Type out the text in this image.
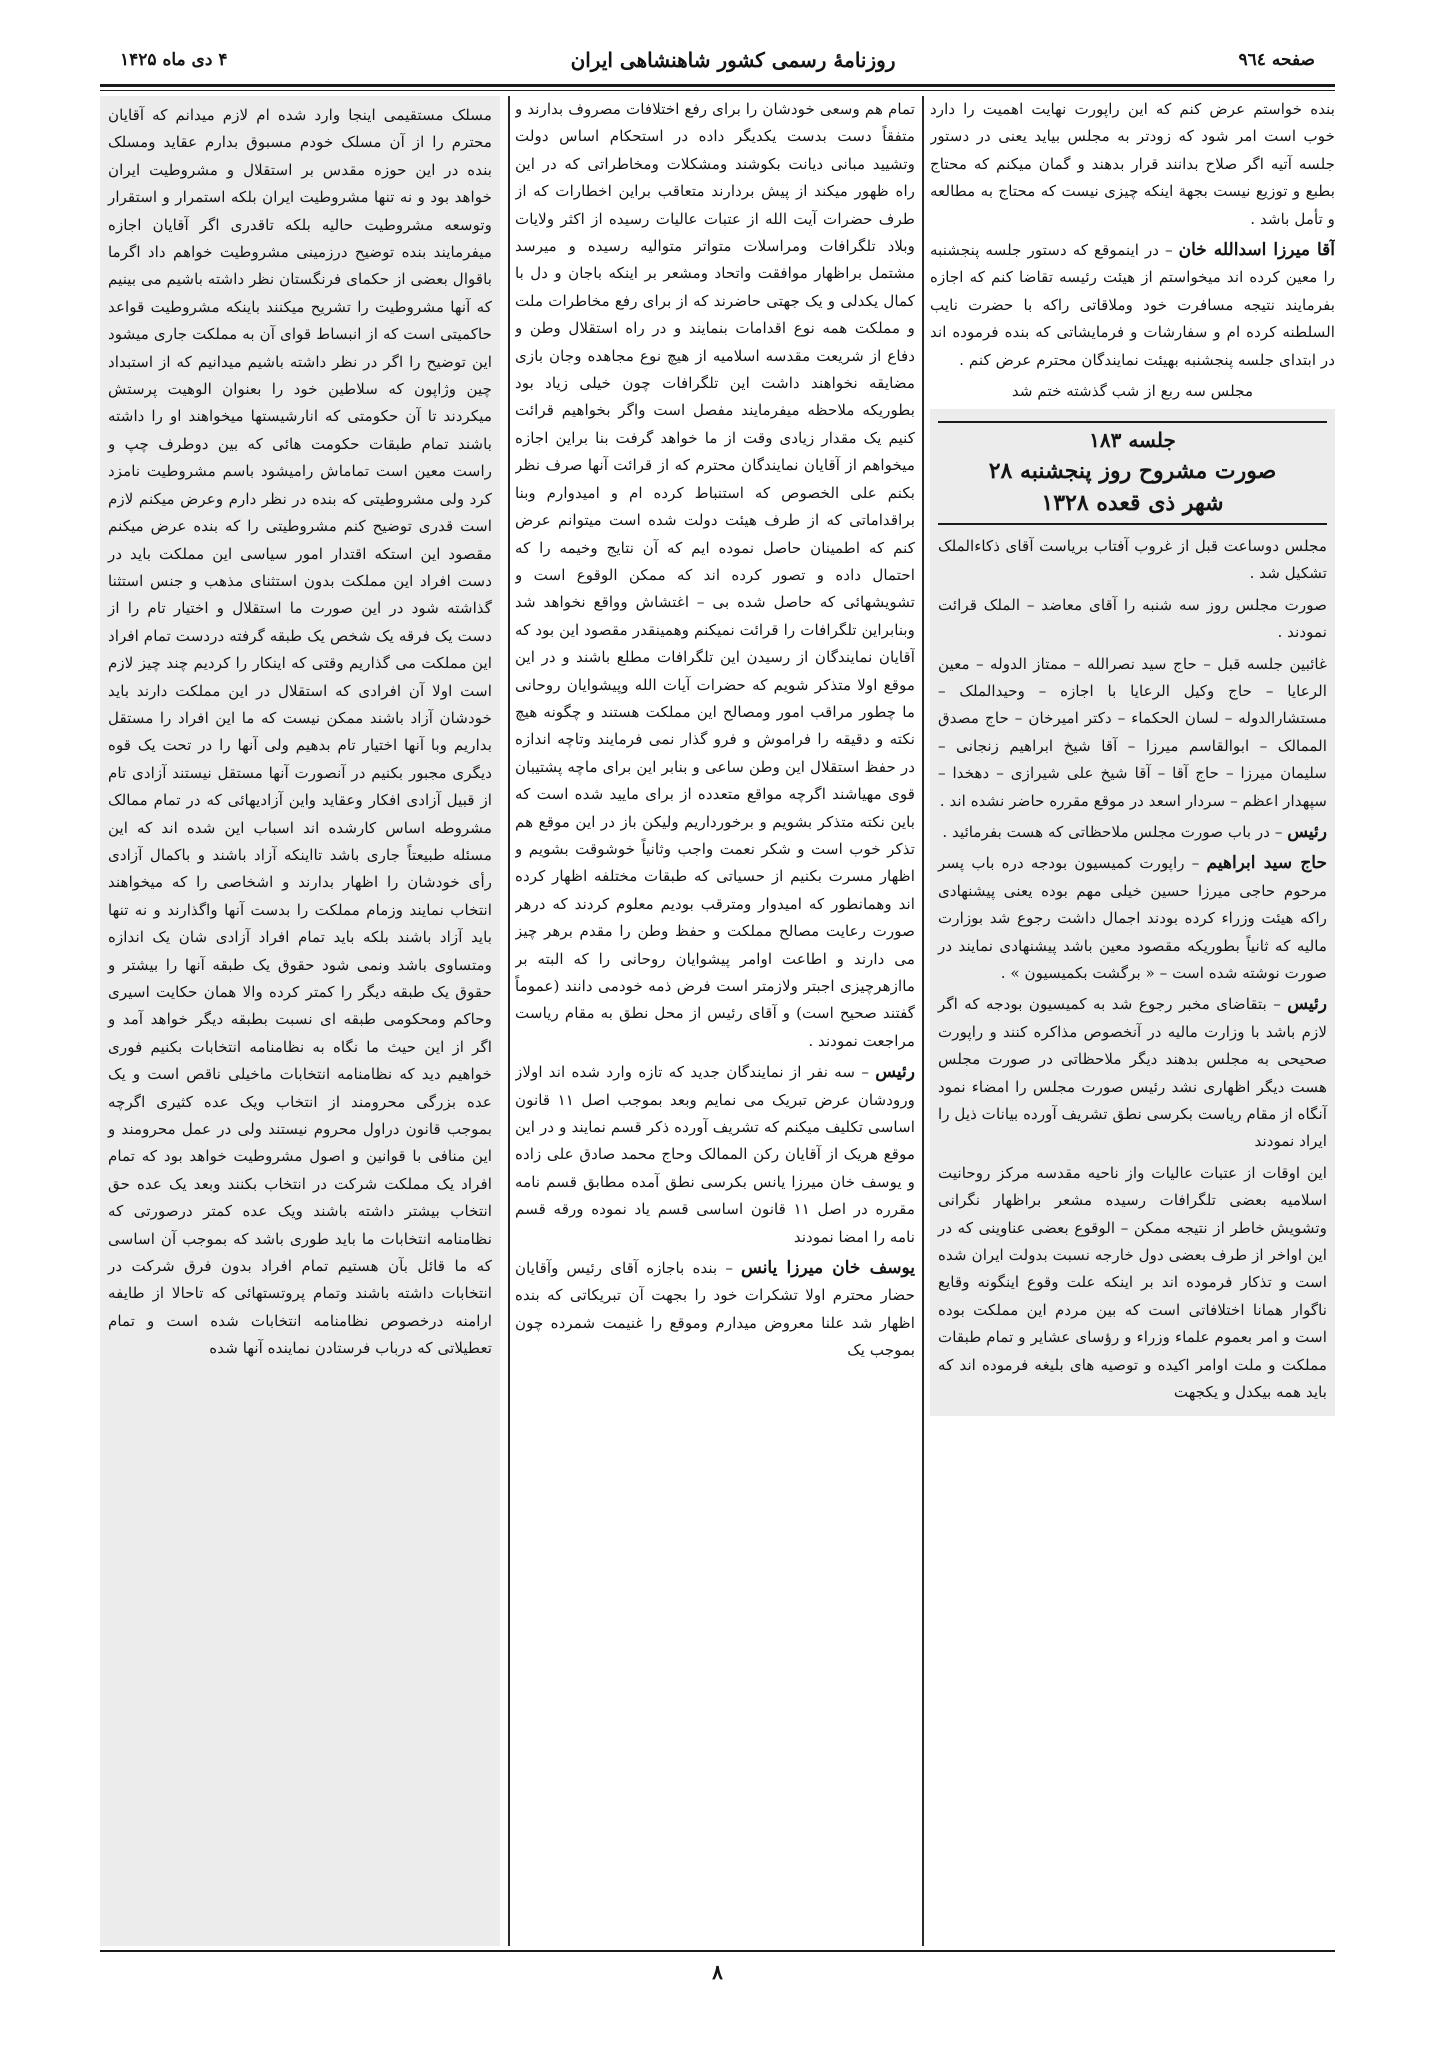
صفحه ۹٦٤
روزنامهٔ رسمی کشور شاهنشاهی ایران
۴ دی ماه ۱۴۲۵

بنده خواستم عرض کنم که این راپورت نهایت اهمیت را دارد خوب است امر شود که زودتر به مجلس بیاید یعنی در دستور جلسه آتیه اگر صلاح بدانند قرار بدهند و گمان میکنم که محتاج بطبع و توزیع نیست بجهة اینکه چیزی نیست که محتاج به مطالعه و تأمل باشد .

آقا میرزا اسدالله خان – در اینموقع که دستور جلسه پنجشنبه را معین کرده اند میخواستم از هیئت رئیسه تقاضا کنم که اجازه بفرمایند نتیجه مسافرت خود وملاقاتی راکه با حضرت نایب السلطنه کرده ام و سفارشات و فرمایشاتی که بنده فرموده اند در ابتدای جلسه پنجشنبه بهیئت نمایندگان محترم عرض کنم .

مجلس سه ربع از شب گذشته ختم شد

جلسه ۱۸۳
صورت مشروح روز پنجشنبه ۲۸
شهر ذی قعده ۱۳۲۸

مجلس دوساعت قبل از غروب آفتاب بریاست آقای ذکاءالملک تشکیل شد .

صورت مجلس روز سه شنبه را آقای معاضد – الملک قرائت نمودند .

غائبین جلسه قبل – حاج سید نصرالله – ممتاز الدوله – معین الرعایا – حاج وکیل الرعایا با اجازه – وحیدالملک – مستشارالدوله – لسان الحکماء – دکتر امیرخان – حاج مصدق الممالک – ابوالقاسم میرزا – آقا شیخ ابراهیم زنجانی – سلیمان میرزا – حاج آقا – آقا شیخ علی شیرازی – دهخدا – سپهدار اعظم – سردار اسعد در موقع مقرره حاضر نشده اند .

رئیس – در باب صورت مجلس ملاحظاتی که هست بفرمائید .

حاج سید ابراهیم – راپورت کمیسیون بودجه دره باب پسر مرحوم حاجی میرزا حسین خیلی مهم بوده یعنی پیشنهادی راکه هیئت وزراء کرده بودند اجمال داشت رجوع شد بوزارت مالیه که ثانیاً بطوریکه مقصود معین باشد پیشنهادی نمایند در صورت نوشته شده است – « برگشت بکمیسیون » .

رئیس – بتقاضای مخبر رجوع شد به کمیسیون بودجه که اگر لازم باشد با وزارت مالیه در آنخصوص مذاکره کنند و راپورت صحیحی به مجلس بدهند دیگر ملاحظاتی در صورت مجلس هست دیگر اظهاری نشد رئیس صورت مجلس را امضاء نمود آنگاه از مقام ریاست بکرسی نطق تشریف آورده بیانات ذیل را ایراد نمودند

این اوقات از عتبات عالیات واز ناحیه مقدسه مرکز روحانیت اسلامیه بعضی تلگرافات رسیده مشعر براظهار نگرانی وتشویش خاطر از نتیجه ممکن – الوقوع بعضی عناوینی که در این اواخر از طرف بعضی دول خارجه نسبت بدولت ایران شده است و تذکار فرموده اند بر اینکه علت وقوع اینگونه وقایع ناگوار همانا اختلافاتی است که بین مردم این مملکت بوده است و امر بعموم علماء وزراء و رؤسای عشایر و تمام طبقات مملکت و ملت اوامر اکیده و توصیه های بلیغه فرموده اند که باید همه بیکدل و یکجهت

تمام هم وسعی خودشان را برای رفع اختلافات مصروف بدارند و متفقاً دست بدست یکدیگر داده در استحکام اساس دولت وتشیید مبانی دیانت بکوشند ومشکلات ومخاطراتی که در این راه ظهور میکند از پیش بردارند متعاقب براین اخطارات که از طرف حضرات آیت الله از عتبات عالیات رسیده از اکثر ولایات وبلاد تلگرافات ومراسلات متواتر متوالیه رسیده و میرسد مشتمل براظهار موافقت واتحاد ومشعر بر اینکه باجان و دل با کمال یکدلی و یک جهتی حاضرند که از برای رفع مخاطرات ملت و مملکت همه نوع اقدامات بنمایند و در راه استقلال وطن و دفاع از شریعت مقدسه اسلامیه از هیچ نوع مجاهده وجان بازی مضایقه نخواهند داشت این تلگرافات چون خیلی زیاد بود بطوریکه ملاحظه میفرمایند مفصل است واگر بخواهیم قرائت کنیم یک مقدار زیادی وقت از ما خواهد گرفت بنا براین اجازه میخواهم از آقایان نمایندگان محترم که از قرائت آنها صرف نظر بکنم علی الخصوص که استنباط کرده ام و امیدوارم وبنا براقداماتی که از طرف هیئت دولت شده است میتوانم عرض کنم که اطمینان حاصل نموده ایم که آن نتایج وخیمه را که احتمال داده و تصور کرده اند که ممکن الوقوع است و تشویشهائی که حاصل شده بی – اغتشاش وواقع نخواهد شد وبنابراین تلگرافات را قرائت نمیکنم وهمینقدر مقصود این بود که آقایان نمایندگان از رسیدن این تلگرافات مطلع باشند و در این موقع اولا متذکر شویم که حضرات آیات الله وپیشوایان روحانی ما چطور مراقب امور ومصالح این مملکت هستند و چگونه هیچ نکته و دقیقه را فراموش و فرو گذار نمی فرمایند وتاچه اندازه در حفظ استقلال این وطن ساعی و بنابر این برای ماچه پشتیبان قوی مهیاشند اگرچه مواقع متعدده از برای مایید شده است که باین نکته متذکر بشویم و برخورداریم ولیکن باز در این موقع هم تذکر خوب است و شکر نعمت واجب وثانیاً خوشوقت بشویم و اظهار مسرت بکنیم از حسیاتی که طبقات مختلفه اظهار کرده اند وهمانطور که امیدوار ومترقب بودیم معلوم کردند که درهر صورت رعایت مصالح مملکت و حفظ وطن را مقدم برهر چیز می دارند و اطاعت اوامر پیشوایان روحانی را که البته بر ماازهرچیزی اجبتر ولازمتر است فرض ذمه خودمی دانند (عموماً گفتند صحیح است) و آقای رئیس از محل نطق به مقام ریاست مراجعت نمودند .

رئیس – سه نفر از نمایندگان جدید که تازه وارد شده اند اولاز ورودشان عرض تبریک می نمایم وبعد بموجب اصل ۱۱ قانون اساسی تکلیف میکنم که تشریف آورده ذکر قسم نمایند و در این موقع هریک از آقایان رکن الممالک وحاج محمد صادق علی زاده و یوسف خان میرزا یانس بکرسی نطق آمده مطابق قسم نامه مقرره در اصل ۱۱ قانون اساسی قسم یاد نموده ورقه قسم نامه را امضا نمودند

یوسف خان میرزا یانس – بنده باجازه آقای رئیس وآقایان حضار محترم اولا تشکرات خود را بجهت آن تبریکاتی که بنده اظهار شد علنا معروض میدارم وموقع را غنیمت شمرده چون بموجب یک

مسلک مستقیمی اینجا وارد شده ام لازم میدانم که آقایان محترم را از آن مسلک خودم مسبوق بدارم عقاید ومسلک بنده در این حوزه مقدس بر استقلال و مشروطیت ایران خواهد بود و نه تنها مشروطیت ایران بلکه استمرار و استقرار وتوسعه مشروطیت حالیه بلکه تاقدری اگر آقایان اجازه میفرمایند بنده توضیح درزمینی مشروطیت خواهم داد اگرما باقوال بعضی از حکمای فرنگستان نظر داشته باشیم می بینیم که آنها مشروطیت را تشریح میکنند باینکه مشروطیت قواعد حاکمیتی است که از انبساط قوای آن به مملکت جاری میشود این توضیح را اگر در نظر داشته باشیم میدانیم که از استبداد چین وژاپون که سلاطین خود را بعنوان الوهیت پرستش میکردند تا آن حکومتی که انارشیستها میخواهند او را داشته باشند تمام طبقات حکومت هائی که بین دوطرف چپ و راست معین است تماماش رامیشود باسم مشروطیت نامزد کرد ولی مشروطیتی که بنده در نظر دارم وعرض میکنم لازم است قدری توضیح کنم مشروطیتی را که بنده عرض میکنم مقصود این استکه اقتدار امور سیاسی این مملکت باید در دست افراد این مملکت بدون استثنای مذهب و جنس استثنا گذاشته شود در این صورت ما استقلال و اختیار تام را از دست یک فرقه یک شخص یک طبقه گرفته دردست تمام افراد این مملکت می گذاریم وقتی که اینکار را کردیم چند چیز لازم است اولا آن افرادی که استقلال در این مملکت دارند باید خودشان آزاد باشند ممکن نیست که ما این افراد را مستقل بداریم وبا آنها اختیار تام بدهیم ولی آنها را در تحت یک قوه دیگری مجبور بکنیم در آنصورت آنها مستقل نیستند آزادی تام از قبیل آزادی افکار وعقاید واین آزادیهائی که در تمام ممالک مشروطه اساس کارشده اند اسباب این شده اند که این مسئله طبیعتاً جاری باشد تااینکه آزاد باشند و باکمال آزادی رأی خودشان را اظهار بدارند و اشخاصی را که میخواهند انتخاب نمایند وزمام مملکت را بدست آنها واگذارند و نه تنها باید آزاد باشند بلکه باید تمام افراد آزادی شان یک اندازه ومتساوی باشد ونمی شود حقوق یک طبقه آنها را بیشتر و حقوق یک طبقه دیگر را کمتر کرده والا همان حکایت اسیری وحاکم ومحکومی طبقه ای نسبت بطبقه دیگر خواهد آمد و اگر از این حیث ما نگاه به نظامنامه انتخابات بکنیم فوری خواهیم دید که نظامنامه انتخابات ماخیلی ناقص است و یک عده بزرگی محرومند از انتخاب ویک عده کثیری اگرچه بموجب قانون دراول محروم نیستند ولی در عمل محرومند و این منافی با قوانین و اصول مشروطیت خواهد بود که تمام افراد یک مملکت شرکت در انتخاب بکنند وبعد یک عده حق انتخاب بیشتر داشته باشند ویک عده کمتر درصورتی که نظامنامه انتخابات ما باید طوری باشد که بموجب آن اساسی که ما قائل بآن هستیم تمام افراد بدون فرق شرکت در انتخابات داشته باشند وتمام پروتستهائی که تاحالا از طایفه ارامنه درخصوص نظامنامه انتخابات شده است و تمام تعطیلاتی که درباب فرستادن نماینده آنها شده

۸
